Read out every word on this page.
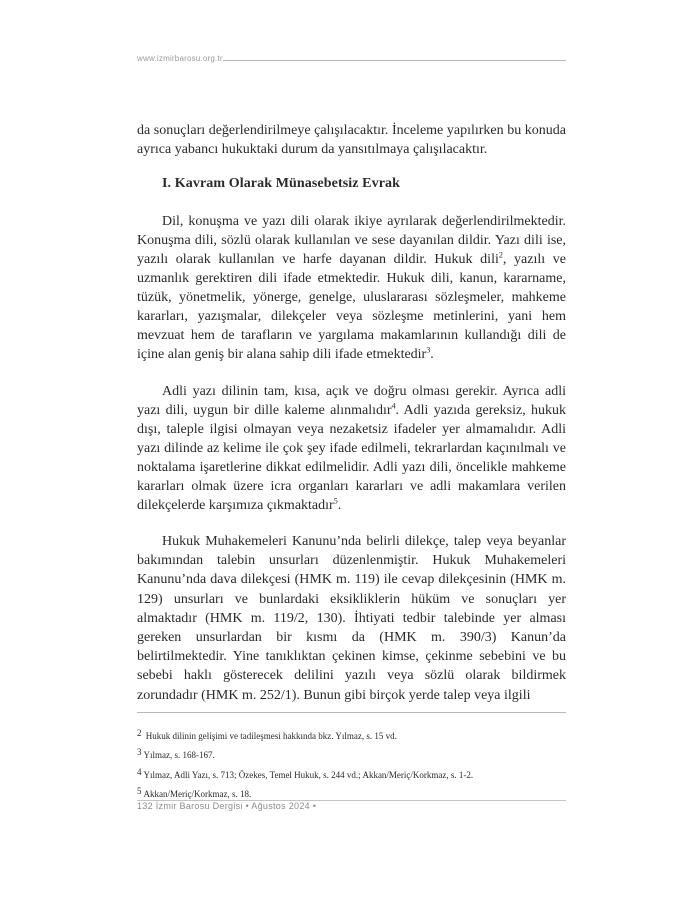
www.izmirbarosu.org.tr

da sonuçları değerlendirilmeye çalışılacaktır. İnceleme yapılırken bu konuda ayrıca yabancı hukuktaki durum da yansıtılmaya çalışılacaktır.

I. Kavram Olarak Münasebetsiz Evrak

Dil, konuşma ve yazı dili olarak ikiye ayrılarak değerlendirilmektedir. Konuşma dili, sözlü olarak kullanılan ve sese dayanılan dildir. Yazı dili ise, yazılı olarak kullanılan ve harfe dayanan dildir. Hukuk dili$^2$, yazılı ve uzmanlık gerektiren dili ifade etmektedir. Hukuk dili, kanun, kararname, tüzük, yönetmelik, yönerge, genelge, uluslararası sözleşmeler, mahkeme kararları, yazışmalar, dilekçeler veya sözleşme metinlerini, yani hem mevzuat hem de tarafların ve yargılama makamlarının kullandığı dili de içine alan geniş bir alana sahip dili ifade etmektedir$^3$.

Adli yazı dilinin tam, kısa, açık ve doğru olması gerekir. Ayrıca adli yazı dili, uygun bir dille kaleme alınmalıdır$^4$. Adli yazıda gereksiz, hukuk dışı, taleple ilgisi olmayan veya nezaketsiz ifadeler yer almamalıdır. Adli yazı dilinde az kelime ile çok şey ifade edilmeli, tekrarlardan kaçınılmalı ve noktalama işaretlerine dikkat edilmelidir. Adli yazı dili, öncelikle mahkeme kararları olmak üzere icra organları kararları ve adli makamlara verilen dilekçelerde karşımıza çıkmaktadır$^5$.

Hukuk Muhakemeleri Kanunu’nda belirli dilekçe, talep veya beyanlar bakımından talebin unsurları düzenlenmiştir. Hukuk Muhakemeleri Kanunu’nda dava dilekçesi (HMK m. 119) ile cevap dilekçesinin (HMK m. 129) unsurları ve bunlardaki eksikliklerin hüküm ve sonuçları yer almaktadır (HMK m. 119/2, 130). İhtiyati tedbir talebinde yer alması gereken unsurlardan bir kısmı da (HMK m. 390/3) Kanun’da belirtilmektedir. Yine tanıklıktan çekinen kimse, çekinme sebebini ve bu sebebi haklı gösterecek delilini yazılı veya sözlü olarak bildirmek zorundadır (HMK m. 252/1). Bunun gibi birçok yerde talep veya ilgili

2 Hukuk dilinin gelişimi ve tadileşmesi hakkında bkz. Yılmaz, s. 15 vd.

3 Yılmaz, s. 168-167.

4 Yılmaz, Adli Yazı, s. 713; Özekes, Temel Hukuk, s. 244 vd.; Akkan/Meriç/Korkmaz, s. 1-2.

5 Akkan/Meriç/Korkmaz, s. 18.

132 İzmir Barosu Dergisi • Ağustos 2024 •
